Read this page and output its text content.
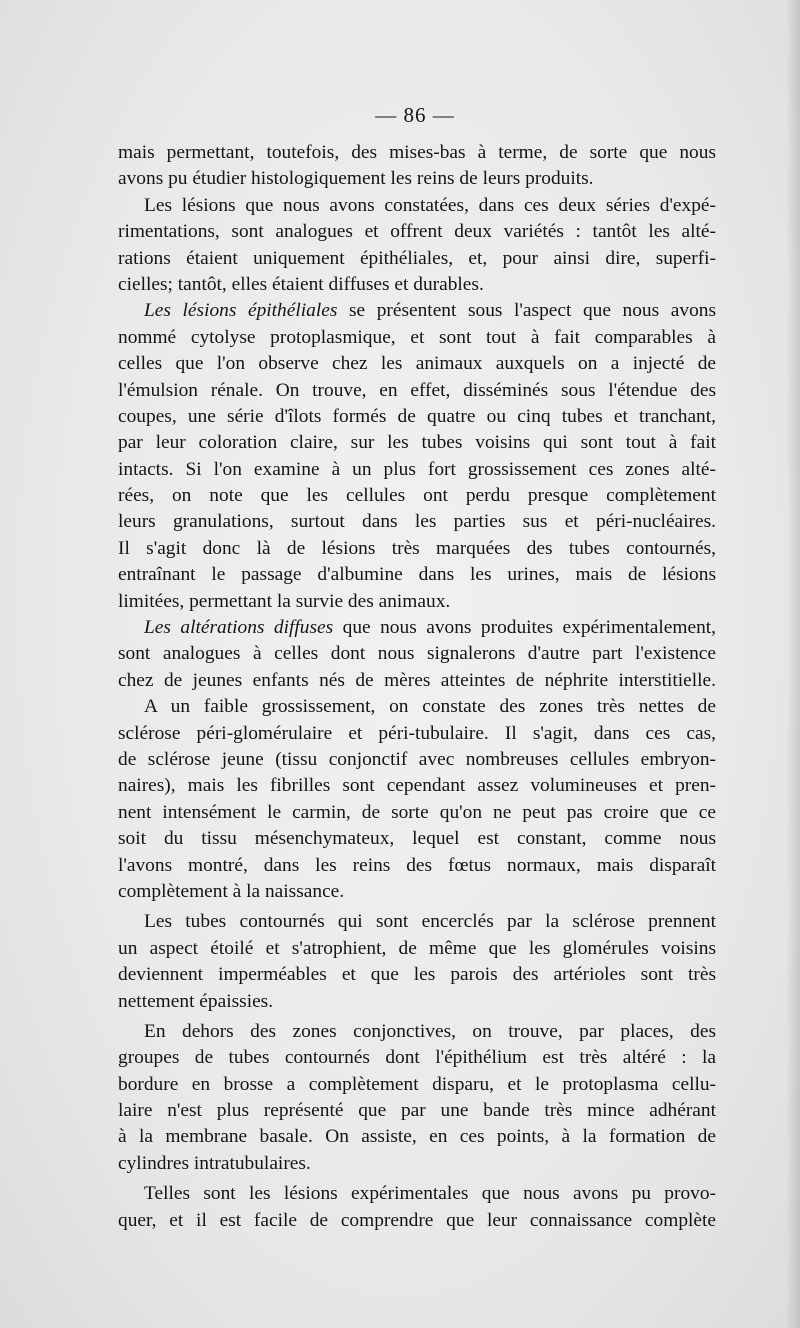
— 86 —
mais permettant, toutefois, des mises-bas à terme, de sorte que nous
avons pu étudier histologiquement les reins de leurs produits.
Les lésions que nous avons constatées, dans ces deux séries d'expé-
rimentations, sont analogues et offrent deux variétés : tantôt les alté-
rations étaient uniquement épithéliales, et, pour ainsi dire, superfi-
cielles; tantôt, elles étaient diffuses et durables.
Les lésions épithéliales se présentent sous l'aspect que nous avons
nommé cytolyse protoplasmique, et sont tout à fait comparables à
celles que l'on observe chez les animaux auxquels on a injecté de
l'émulsion rénale. On trouve, en effet, disséminés sous l'étendue des
coupes, une série d'îlots formés de quatre ou cinq tubes et tranchant,
par leur coloration claire, sur les tubes voisins qui sont tout à fait
intacts. Si l'on examine à un plus fort grossissement ces zones alté-
rées, on note que les cellules ont perdu presque complètement
leurs granulations, surtout dans les parties sus et péri-nucléaires.
Il s'agit donc là de lésions très marquées des tubes contournés,
entraînant le passage d'albumine dans les urines, mais de lésions
limitées, permettant la survie des animaux.
Les altérations diffuses que nous avons produites expérimentalement,
sont analogues à celles dont nous signalerons d'autre part l'existence
chez de jeunes enfants nés de mères atteintes de néphrite interstitielle.
A un faible grossissement, on constate des zones très nettes de
sclérose péri-glomérulaire et péri-tubulaire. Il s'agit, dans ces cas,
de sclérose jeune (tissu conjonctif avec nombreuses cellules embryon-
naires), mais les fibrilles sont cependant assez volumineuses et pren-
nent intensément le carmin, de sorte qu'on ne peut pas croire que ce
soit du tissu mésenchymateux, lequel est constant, comme nous
l'avons montré, dans les reins des fœtus normaux, mais disparaît
complètement à la naissance.
Les tubes contournés qui sont encerclés par la sclérose prennent
un aspect étoilé et s'atrophient, de même que les glomérules voisins
deviennent imperméables et que les parois des artérioles sont très
nettement épaissies.
En dehors des zones conjonctives, on trouve, par places, des
groupes de tubes contournés dont l'épithélium est très altéré : la
bordure en brosse a complètement disparu, et le protoplasma cellu-
laire n'est plus représenté que par une bande très mince adhérant
à la membrane basale. On assiste, en ces points, à la formation de
cylindres intratubulaires.
Telles sont les lésions expérimentales que nous avons pu provo-
quer, et il est facile de comprendre que leur connaissance complète
